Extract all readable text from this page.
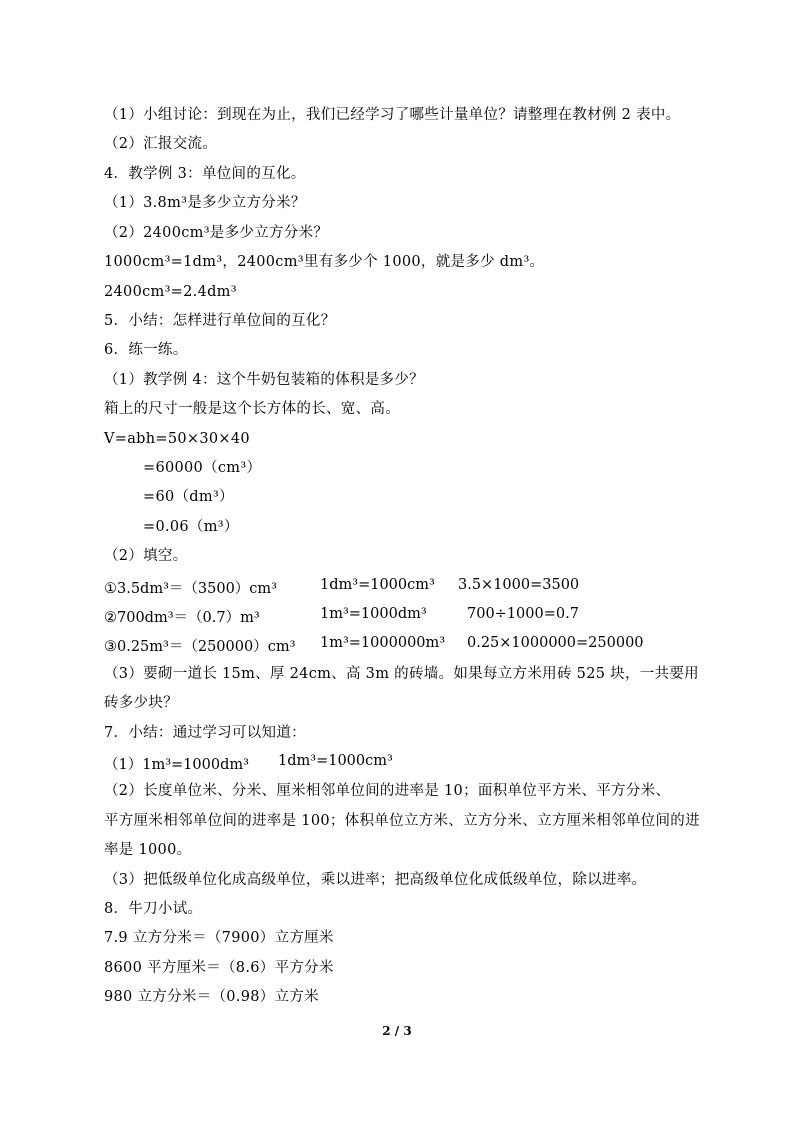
（1）小组讨论：到现在为止，我们已经学习了哪些计量单位？请整理在教材例 2 表中。
（2）汇报交流。
4．教学例 3：单位间的互化。
（1）3.8m³是多少立方分米？
（2）2400cm³是多少立方分米？
1000cm³=1dm³，2400cm³里有多少个 1000，就是多少 dm³。
2400cm³=2.4dm³
5．小结：怎样进行单位间的互化？
6．练一练。
（1）教学例 4：这个牛奶包装箱的体积是多少？
箱上的尺寸一般是这个长方体的长、宽、高。
V=abh=50×30×40
=60000（cm³）
=60（dm³）
=0.06（m³）
（2）填空。
①3.5dm³＝（3500）cm³	1dm³=1000cm³ 3.5×1000=3500
②700dm³＝（0.7）m³	1m³=1000dm³	700÷1000=0.7
③0.25m³＝（250000）cm³ 1m³=1000000m³ 0.25×1000000=250000
（3）要砌一道长 15m、厚 24cm、高 3m 的砖墙。如果每立方米用砖 525 块，一共要用
砖多少块？
7．小结：通过学习可以知道：
（1）1m³=1000dm³ 1dm³=1000cm³
（2）长度单位米、分米、厘米相邻单位间的进率是 10；面积单位平方米、平方分米、
平方厘米相邻单位间的进率是 100；体积单位立方米、立方分米、立方厘米相邻单位间的进
率是 1000。
（3）把低级单位化成高级单位，乘以进率；把高级单位化成低级单位，除以进率。
8．牛刀小试。
7.9 立方分米＝（7900）立方厘米
8600 平方厘米＝（8.6）平方分米
980 立方分米＝（0.98）立方米
2 / 3
